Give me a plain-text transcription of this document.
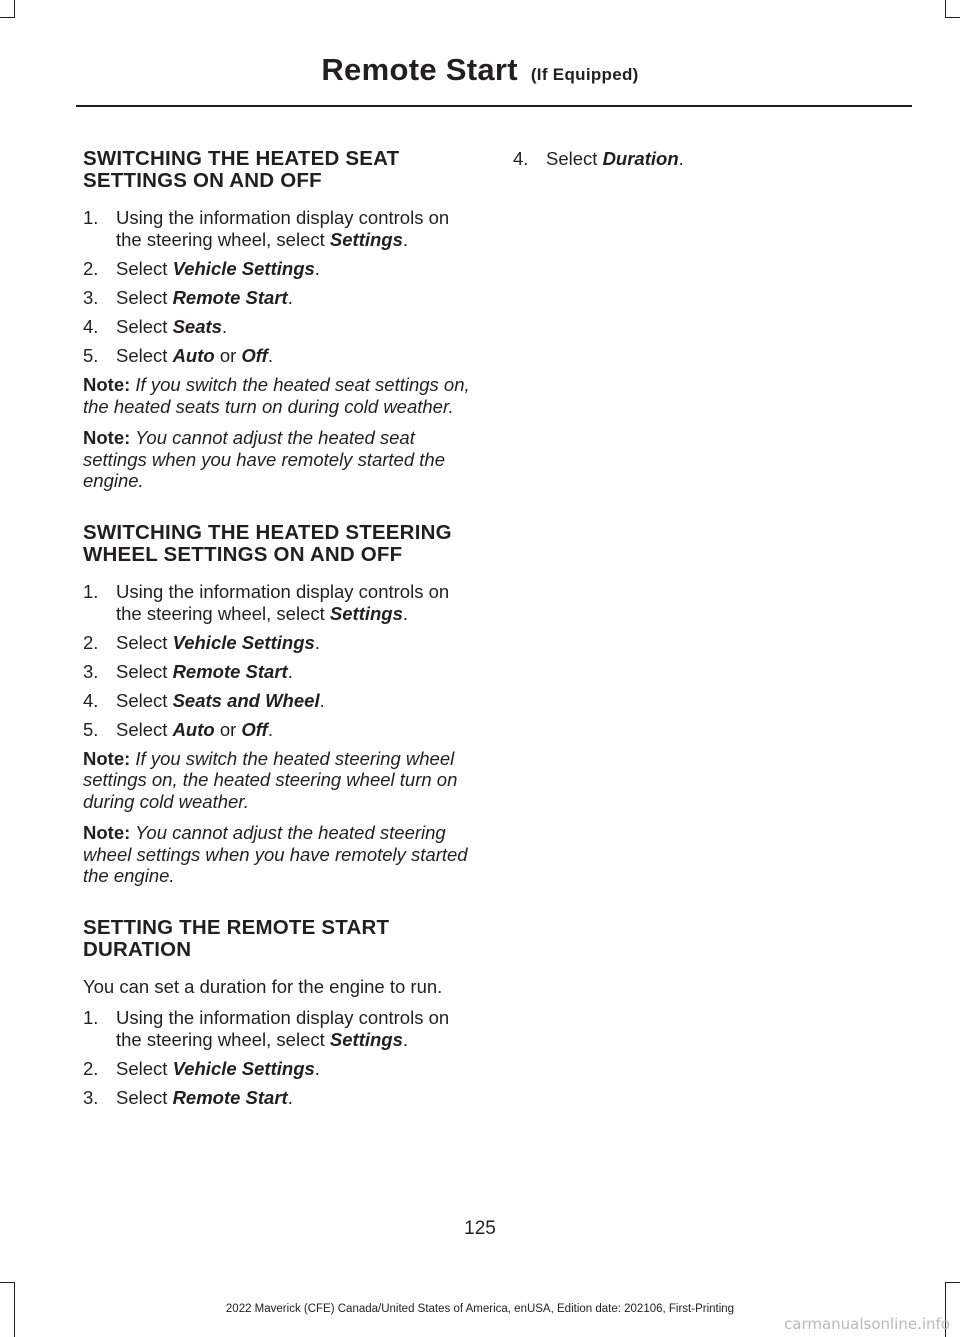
Remote Start (If Equipped)
SWITCHING THE HEATED SEAT SETTINGS ON AND OFF
1. Using the information display controls on the steering wheel, select Settings.
2. Select Vehicle Settings.
3. Select Remote Start.
4. Select Seats.
5. Select Auto or Off.

Note: If you switch the heated seat settings on, the heated seats turn on during cold weather.

Note: You cannot adjust the heated seat settings when you have remotely started the engine.

SWITCHING THE HEATED STEERING WHEEL SETTINGS ON AND OFF
1. Using the information display controls on the steering wheel, select Settings.
2. Select Vehicle Settings.
3. Select Remote Start.
4. Select Seats and Wheel.
5. Select Auto or Off.

Note: If you switch the heated steering wheel settings on, the heated steering wheel turn on during cold weather.

Note: You cannot adjust the heated steering wheel settings when you have remotely started the engine.

SETTING THE REMOTE START DURATION

You can set a duration for the engine to run.

1. Using the information display controls on the steering wheel, select Settings.
2. Select Vehicle Settings.
3. Select Remote Start.
4. Select Duration.
125
2022 Maverick (CFE) Canada/United States of America, enUSA, Edition date: 202106, First-Printing
carmanualsonline.info
